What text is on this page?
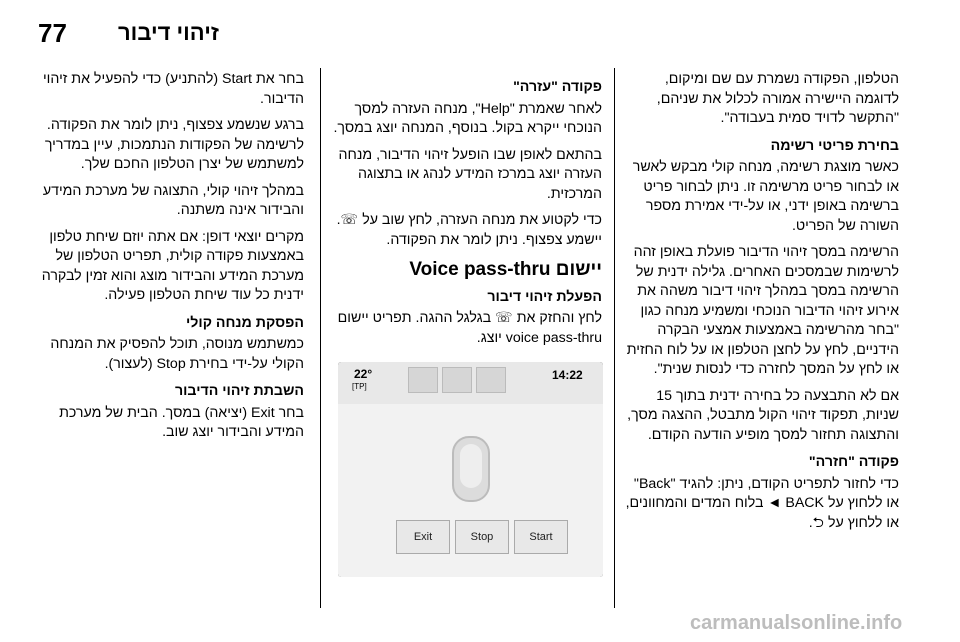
77 זיהוי דיבור

הטלפון, הפקודה נשמרת עם שם ומיקום, לדוגמה היישירה אמורה לכלול את שניהם, "התקשר לדויד סמית בעבודה".

בחירת פריטי רשימה

כאשר מוצגת רשימה, מנחה קולי מבקש לאשר או לבחור פריט מרשימה זו. ניתן לבחור פריט ברשימה באופן ידני, או על-ידי אמירת מספר השורה של הפריט.

הרשימה במסך זיהוי הדיבור פועלת באופן זהה לרשימות שבמסכים האחרים. גלילה ידנית של הרשימה במסך במהלך זיהוי דיבור משהה את אירוע זיהוי הדיבור הנוכחי ומשמיע מנחה כגון "בחר מהרשימה באמצעות אמצעי הבקרה הידניים, לחץ על לחצן הטלפון או על לוח החזית או לחץ על המסך לחזרה כדי לנסות שנית".

אם לא התבצעה כל בחירה ידנית בתוך 15 שניות, תפקוד זיהוי הקול מתבטל, ההצגה מסך, והתצוגה תחזור למסך מופיע הודעה הקודם.

פקודה "חזרה"

כדי לחזור לתפריט הקודם, ניתן: להגיד "Back" או ללחוץ על BACK ◄ בלוח המדים והמחוונים, או ללחוץ על ⮌.

פקודה "עזרה"

לאחר שאמרת "Help", מנחה העזרה למסך הנוכחי ייקרא בקול. בנוסף, המנחה יוצג במסך.

בהתאם לאופן שבו הופעל זיהוי הדיבור, מנחה העזרה יוצג במרכז המידע לנהג או בתצוגה המרכזית.

כדי לקטוע את מנחה העזרה, לחץ שוב על ☏. יישמע צפצוף. ניתן לומר את הפקודה.

יישום Voice pass-thru
הפעלת זיהוי דיבור

לחץ והחזק את ☏ בגלגל ההגה. תפריט יישום voice pass-thru יוצג.

בחר את Start (להתניע) כדי להפעיל את זיהוי הדיבור.

ברגע שנשמע צפצוף, ניתן לומר את הפקודה. לרשימה של הפקודות הנתמכות, עיין במדריך למשתמש של יצרן הטלפון החכם שלך.

במהלך זיהוי קולי, התצוגה של מערכת המידע והבידור אינה משתנה.

מקרים יוצאי דופן: אם אתה יוזם שיחת טלפון באמצעות פקודה קולית, תפריט הטלפון של מערכת המידע והבידור מוצג והוא זמין לבקרה ידנית כל עוד שיחת הטלפון פעילה.

הפסקת מנחה קולי

כמשתמש מנוסה, תוכל להפסיק את המנחה הקולי על-ידי בחירת Stop (לעצור).

השבתת זיהוי הדיבור

בחר Exit (יציאה) במסך. הבית של מערכת המידע והבידור יוצג שוב.

22°
[TP]
14:22
Exit	Stop	Start
carmanualsonline.info
